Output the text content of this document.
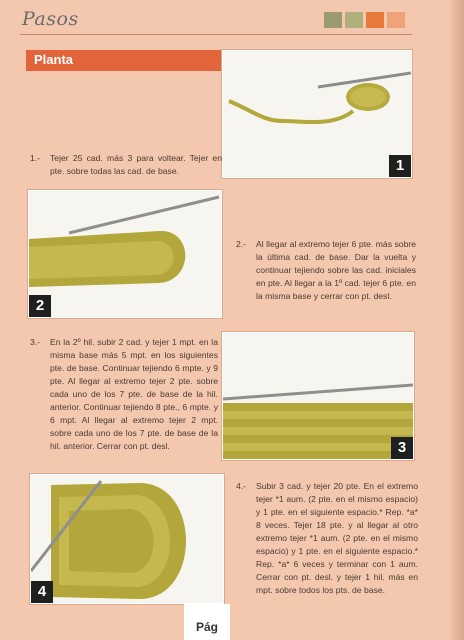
Pasos
Planta
1
1.-	Tejer 25 cad. más 3 para voltear. Tejer en pte. sobre todas las cad. de base.
2
2.-	Al llegar al extremo tejer 6 pte. más sobre la última cad. de base. Dar la vuelta y continuar tejiendo sobre las cad. iniciales en pte. Al llegar a la 1º cad. tejer 6 pte. en la misma base y cerrar con pt. desl.
3.-	En la 2º hil. subir 2 cad. y tejer 1 mpt. en la misma base más 5 mpt. en los siguientes pte. de base. Continuar tejiendo 6 mpte. y 9 pte. Al llegar al extremo tejer 2 pte. sobre cada uno de los 7 pte. de base de la hil. anterior. Continuar tejiendo 8 pte., 6 mpte. y 6 mpt. Al llegar al extremo tejer 2 mpt. sobre cada uno de los 7 pte. de base de la hil. anterior. Cerrar con pt. desl.	3
4
4.-	Subir 3 cad. y tejer 20 pte. En el extremo tejer *1 aum. (2 pte. en el mismo espacio) y 1 pte. en el siguiente espacio.* Rep. *a* 8 veces. Tejer 18 pte. y al llegar al otro extremo tejer *1 aum. (2 pte. en el mismo espacio) y 1 pte. en el siguiente espacio.* Rep. *a* 6 veces y terminar con 1 aum. Cerrar con pt. desl. y tejer 1 hil. más en mpt. sobre todos los pts. de base.
Pág
